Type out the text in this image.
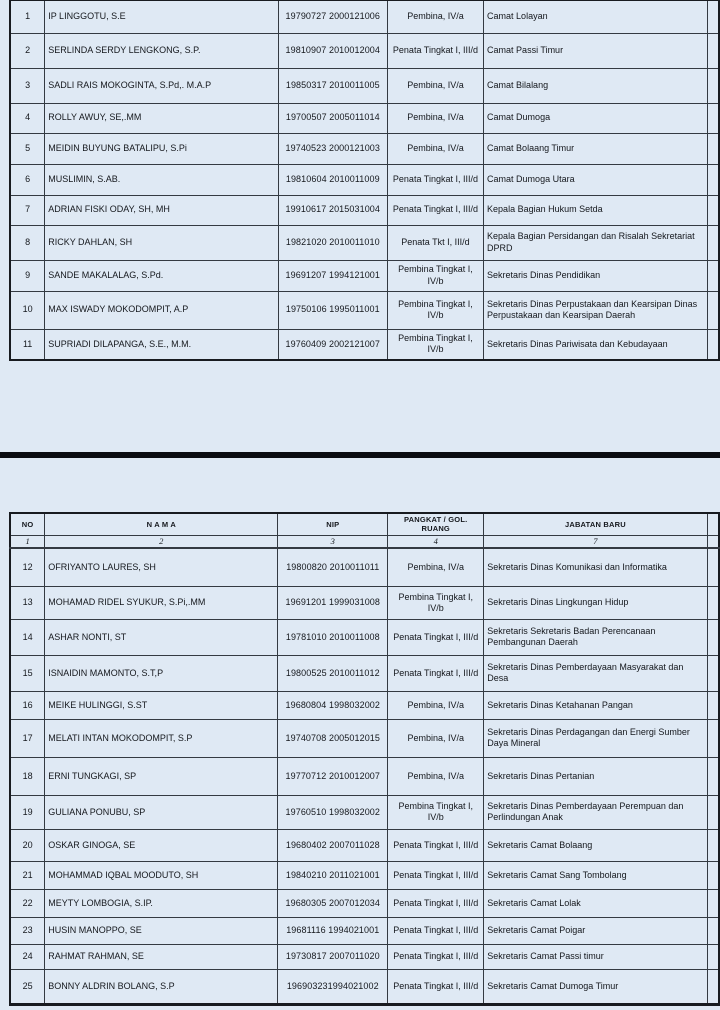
1	IP LINGGOTU, S.E	19790727 2000121006	Pembina, IV/a	Camat Lolayan	
2	SERLINDA SERDY LENGKONG, S.P.	19810907 2010012004	Penata Tingkat I, III/d	Camat Passi Timur	
3	SADLI RAIS MOKOGINTA, S.Pd,. M.A.P	19850317 2010011005	Pembina, IV/a	Camat Bilalang	
4	ROLLY AWUY, SE,.MM	19700507 2005011014	Pembina, IV/a	Camat Dumoga	
5	MEIDIN BUYUNG BATALIPU, S.Pi	19740523 2000121003	Pembina, IV/a	Camat Bolaang Timur	
6	MUSLIMIN, S.AB.	19810604 2010011009	Penata Tingkat I, III/d	Camat Dumoga Utara	
7	ADRIAN FISKI ODAY, SH, MH	19910617 2015031004	Penata Tingkat I, III/d	Kepala Bagian Hukum Setda	
8	RICKY DAHLAN, SH	19821020 2010011010	Penata Tkt I, III/d	Kepala Bagian Persidangan dan Risalah Sekretariat DPRD	
9	SANDE MAKALALAG, S.Pd.	19691207 1994121001	Pembina Tingkat I, IV/b	Sekretaris Dinas Pendidikan	
10	MAX ISWADY MOKODOMPIT, A.P	19750106 1995011001	Pembina Tingkat I, IV/b	Sekretaris Dinas Perpustakaan dan Kearsipan Dinas Perpustakaan dan Kearsipan Daerah	
11	SUPRIADI DILAPANGA, S.E., M.M.	19760409 2002121007	Pembina Tingkat I, IV/b	Sekretaris Dinas Pariwisata dan Kebudayaan	
NO	N A M A	NIP	PANGKAT / GOL. RUANG	JABATAN BARU	
1	2	3	4	7	
12	OFRIYANTO LAURES, SH	19800820 2010011011	Pembina, IV/a	Sekretaris Dinas Komunikasi dan Informatika	
13	MOHAMAD RIDEL SYUKUR, S.Pi,.MM	19691201 1999031008	Pembina Tingkat I, IV/b	Sekretaris Dinas Lingkungan Hidup	
14	ASHAR NONTI, ST	19781010 2010011008	Penata Tingkat I, III/d	Sekretaris Sekretaris Badan Perencanaan Pembangunan Daerah	
15	ISNAIDIN MAMONTO, S.T,P	19800525 2010011012	Penata Tingkat I, III/d	Sekretaris Dinas Pemberdayaan Masyarakat dan Desa	
16	MEIKE HULINGGI, S.ST	19680804 1998032002	Pembina, IV/a	Sekretaris Dinas Ketahanan Pangan	
17	MELATI INTAN MOKODOMPIT, S.P	19740708 2005012015	Pembina, IV/a	Sekretaris Dinas Perdagangan dan Energi Sumber Daya Mineral	
18	ERNI TUNGKAGI, SP	19770712 2010012007	Pembina, IV/a	Sekretaris Dinas Pertanian	
19	GULIANA PONUBU, SP	19760510 1998032002	Pembina Tingkat I, IV/b	Sekretaris Dinas Pemberdayaan Perempuan dan Perlindungan Anak	
20	OSKAR GINOGA, SE	19680402 2007011028	Penata Tingkat I, III/d	Sekretaris Camat Bolaang	
21	MOHAMMAD IQBAL MOODUTO, SH	19840210 2011021001	Penata Tingkat I, III/d	Sekretaris Camat Sang Tombolang	
22	MEYTY LOMBOGIA, S.IP.	19680305 2007012034	Penata Tingkat I, III/d	Sekretaris Camat Lolak	
23	HUSIN MANOPPO, SE	19681116 1994021001	Penata Tingkat I, III/d	Sekretaris Camat Poigar	
24	RAHMAT RAHMAN, SE	19730817 2007011020	Penata Tingkat I, III/d	Sekretaris Camat Passi timur	
25	BONNY ALDRIN BOLANG, S.P	196903231994021002	Penata Tingkat I, III/d	Sekretaris Camat Dumoga Timur	
